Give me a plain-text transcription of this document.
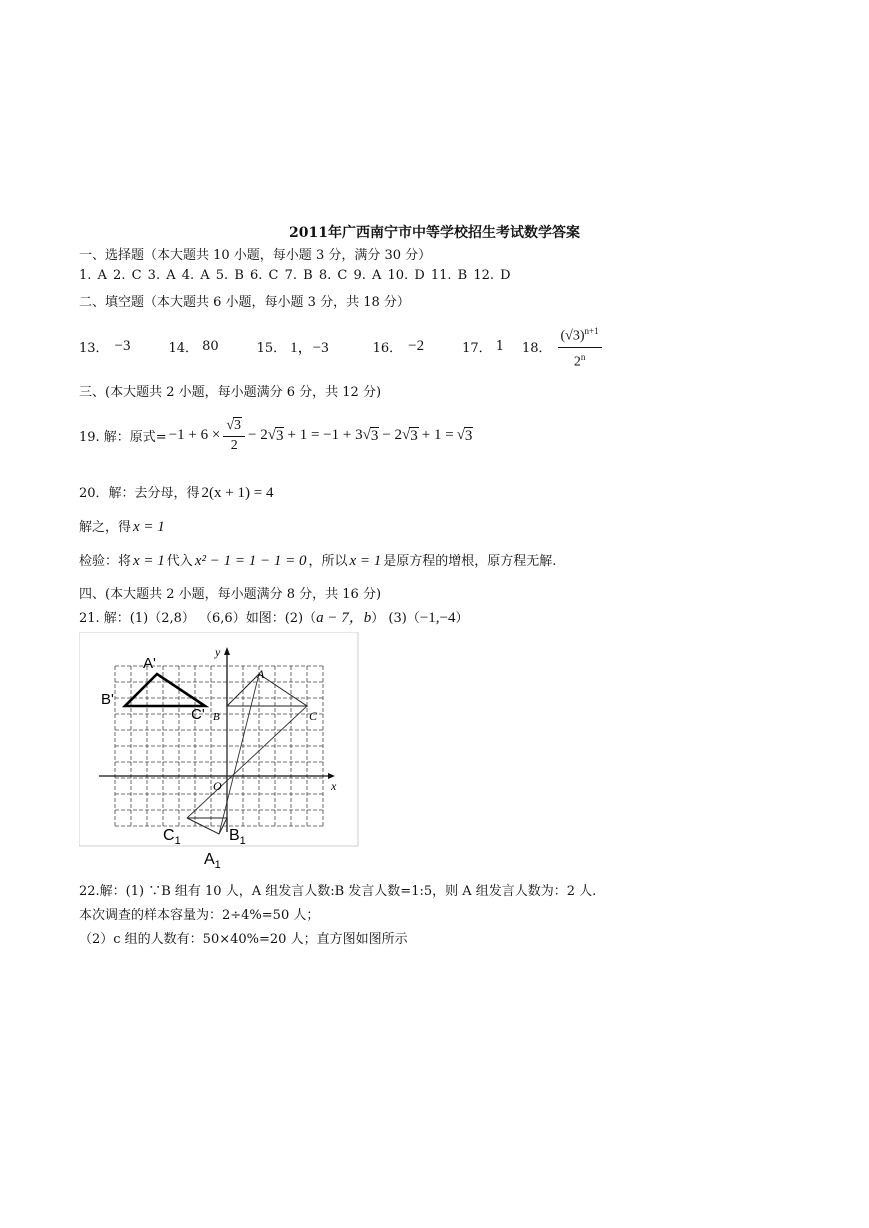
2011年广西南宁市中等学校招生考试数学答案
一、选择题（本大题共 10 小题，每小题 3 分，满分 30 分）
1. A 2. C 3. A 4. A 5. B 6. C 7. B 8. C 9. A 10. D 11. B 12. D
二、填空题（本大题共 6 小题，每小题 3 分，共 18 分）
13． −3	14． 80	15． 1，−3	16． −2	17． 1 18． $\frac{(√3)^{n+1}}{2^n}$
三、(本大题共 2 小题，每小题满分 6 分，共 12 分)
19. 解：原式= $-1 + 6 \times \frac{√3}{2} - 2$ √ 3 + 1 = −1 + 3 √ 3 − 2 √ 3 + 1 = √ 3
20．解：去分母，得 2(x + 1) = 4
解之，得 x = 1
检验：将 x = 1 代入 x² − 1 = 1 − 1 = 0 ，所以 x = 1 是原方程的增根，原方程无解.
四、(本大题共 2 小题，每小题满分 8 分，共 16 分)
21. 解：(1)（2,8） （6,6）如图：(2)（a − 7，b） (3)（−1,−4）
y
x
O
A'
B'
C'
A
B	C
$C_1$	$B_1$
$A_1$
22.解：(1) ∵B 组有 10 人，A 组发言人数:B 发言人数=1:5，则 A 组发言人数为：2 人.
本次调查的样本容量为：2÷4%=50 人；
（2）c 组的人数有：50×40%=20 人；直方图如图所示
